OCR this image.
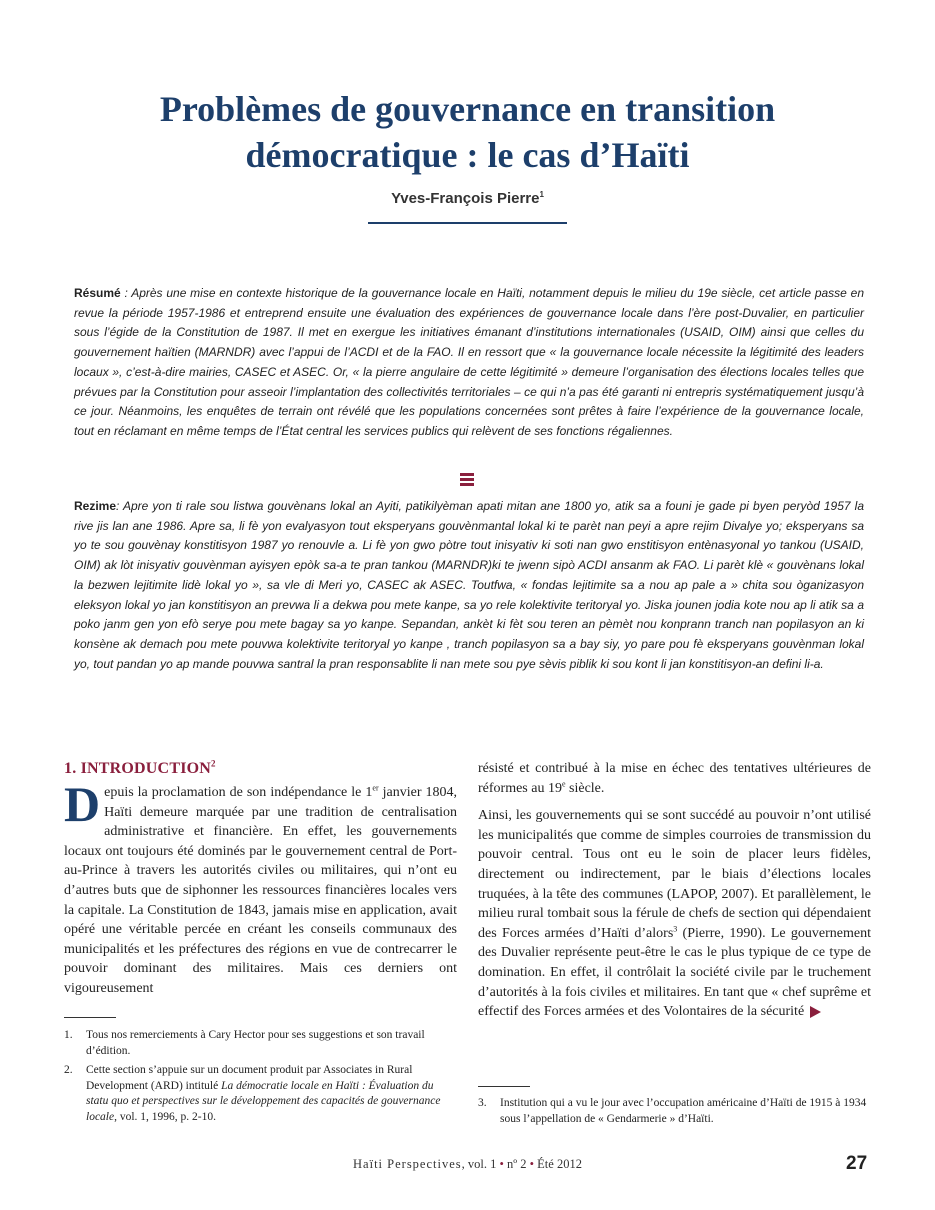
Problèmes de gouvernance en transition
démocratique : le cas d’Haïti
Yves-François Pierre$^1$

Résumé : Après une mise en contexte historique de la gouvernance locale en Haïti, notamment depuis le milieu du 19e siècle, cet article passe en revue la période 1957-1986 et entreprend ensuite une évaluation des expériences de gouvernance locale dans l’ère post-Duvalier, en particulier sous l’égide de la Constitution de 1987. Il met en exergue les initiatives émanant d’institutions internationales (USAID, OIM) ainsi que celles du gouvernement haïtien (MARNDR) avec l’appui de l’ACDI et de la FAO. Il en ressort que « la gouvernance locale nécessite la légitimité des leaders locaux », c’est-à-dire mairies, CASEC et ASEC. Or, « la pierre angulaire de cette légitimité » demeure l’organisation des élections locales telles que prévues par la Constitution pour asseoir l’implantation des collectivités territoriales – ce qui n’a pas été garanti ni entrepris systématiquement jusqu’à ce jour. Néanmoins, les enquêtes de terrain ont révélé que les populations concernées sont prêtes à faire l’expérience de la gouvernance locale, tout en réclamant en même temps de l’État central les services publics qui relèvent de ses fonctions régaliennes.

Rezime: Apre yon ti rale sou listwa gouvènans lokal an Ayiti, patikilyèman apati mitan ane 1800 yo, atik sa a founi je gade pi byen peryòd 1957 la rive jis lan ane 1986. Apre sa, li fè yon evalyasyon tout eksperyans gouvènmantal lokal ki te parèt nan peyi a apre rejim Divalye yo; eksperyans sa yo te sou gouvènay konstitisyon 1987 yo renouvle a. Li fè yon gwo pòtre tout inisyativ ki soti nan gwo enstitisyon entènasyonal yo tankou (USAID, OIM) ak lòt inisyativ gouvènman ayisyen epòk sa-a te pran tankou (MARNDR)ki te jwenn sipò ACDI ansanm ak FAO. Li parèt klè « gouvènans lokal la bezwen lejitimite lidè lokal yo », sa vle di Meri yo, CASEC ak ASEC. Toutfwa, « fondas lejitimite sa a nou ap pale a » chita sou òganizasyon eleksyon lokal yo jan konstitisyon an prevwa li a dekwa pou mete kanpe, sa yo rele kolektivite teritoryal yo. Jiska jounen jodia kote nou ap li atik sa a poko janm gen yon efò serye pou mete bagay sa yo kanpe. Sepandan, ankèt ki fèt sou teren an pèmèt nou konprann tranch nan popilasyon an ki konsène ak demach pou mete pouvwa kolektivite teritoryal yo kanpe , tranch popilasyon sa a bay siy, yo pare pou fè eksperyans gouvènman lokal yo, tout pandan yo ap mande pouvwa santral la pran responsablite li nan mete sou pye sèvis piblik ki sou kont li jan konstitisyon-an defini li-a.

1. INTRODUCTION$^2$

Depuis la proclamation de son indépendance le 1er janvier 1804, Haïti demeure marquée par une tradition de centralisation administrative et financière. En effet, les gouvernements locaux ont toujours été dominés par le gouvernement central de Port-au-Prince à travers les autorités civiles ou militaires, qui n’ont eu d’autres buts que de siphonner les ressources financières locales vers la capitale. La Constitution de 1843, jamais mise en application, avait opéré une véritable percée en créant les conseils communaux des municipalités et les préfectures des régions en vue de contrecarrer le pouvoir dominant des militaires. Mais ces derniers ont vigoureusement

1. Tous nos remerciements à Cary Hector pour ses suggestions et son travail d’édition.
2. Cette section s’appuie sur un document produit par Associates in Rural Development (ARD) intitulé La démocratie locale en Haïti : Évaluation du statu quo et perspectives sur le développement des capacités de gouvernance locale, vol. 1, 1996, p. 2-10.

résisté et contribué à la mise en échec des tentatives ultérieures de réformes au 19e siècle.

Ainsi, les gouvernements qui se sont succédé au pouvoir n’ont utilisé les municipalités que comme de simples courroies de transmission du pouvoir central. Tous ont eu le soin de placer leurs fidèles, directement ou indirectement, par le biais d’élections locales truquées, à la tête des communes (LAPOP, 2007). Et parallèlement, le milieu rural tombait sous la férule de chefs de section qui dépendaient des Forces armées d’Haïti d’alors$^3$ (Pierre, 1990). Le gouvernement des Duvalier représente peut-être le cas le plus typique de ce type de domination. En effet, il contrôlait la société civile par le truchement d’autorités à la fois civiles et militaires. En tant que « chef suprême et effectif des Forces armées et des Volontaires de la sécurité

3. Institution qui a vu le jour avec l’occupation américaine d’Haïti de 1915 à 1934 sous l’appellation de « Gendarmerie » d’Haïti.
Haïti Perspectives, vol. 1 • nº 2 • Été 2012	27
